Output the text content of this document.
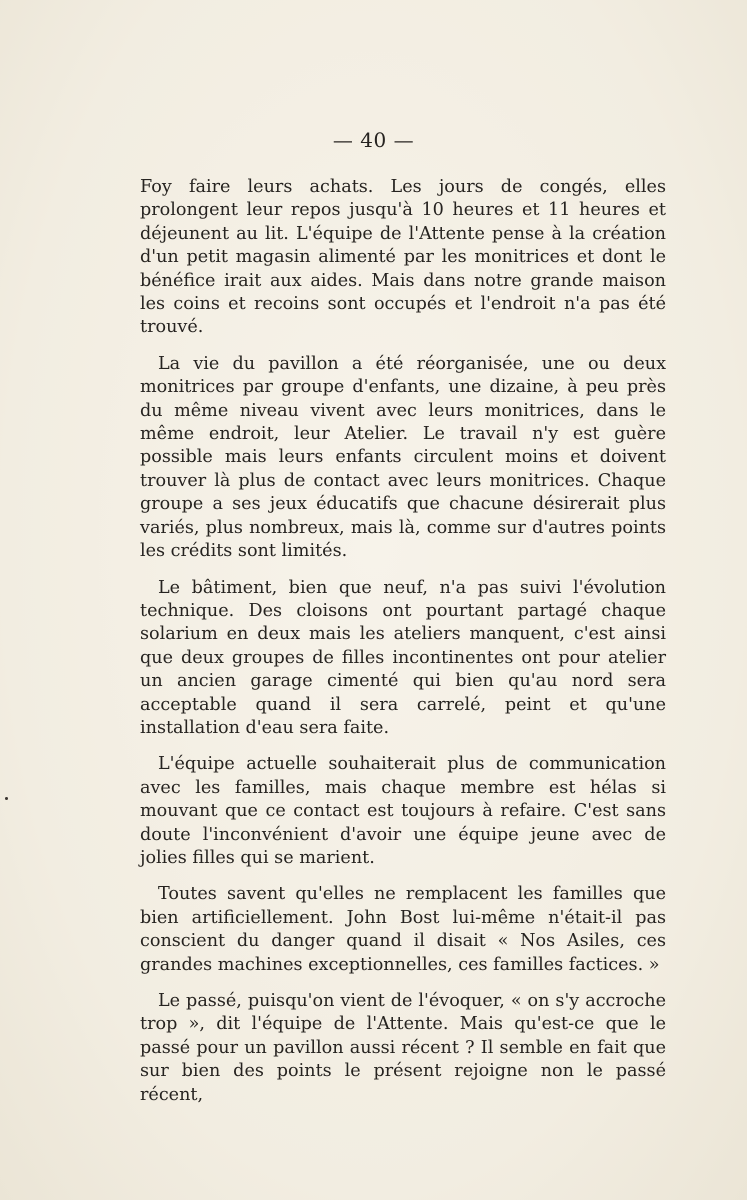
— 40 —

Foy faire leurs achats. Les jours de congés, elles prolongent leur repos jusqu'à 10 heures et 11 heures et déjeunent au lit. L'équipe de l'Attente pense à la création d'un petit magasin alimenté par les monitrices et dont le bénéfice irait aux aides. Mais dans notre grande maison les coins et recoins sont occupés et l'endroit n'a pas été trouvé.

La vie du pavillon a été réorganisée, une ou deux monitrices par groupe d'enfants, une dizaine, à peu près du même niveau vivent avec leurs monitrices, dans le même endroit, leur Atelier. Le travail n'y est guère possible mais leurs enfants circulent moins et doivent trouver là plus de contact avec leurs monitrices. Chaque groupe a ses jeux éducatifs que chacune désirerait plus variés, plus nombreux, mais là, comme sur d'autres points les crédits sont limités.

Le bâtiment, bien que neuf, n'a pas suivi l'évolution technique. Des cloisons ont pourtant partagé chaque solarium en deux mais les ateliers manquent, c'est ainsi que deux groupes de filles incontinentes ont pour atelier un ancien garage cimenté qui bien qu'au nord sera acceptable quand il sera carrelé, peint et qu'une installation d'eau sera faite.

L'équipe actuelle souhaiterait plus de communication avec les familles, mais chaque membre est hélas si mouvant que ce contact est toujours à refaire. C'est sans doute l'inconvénient d'avoir une équipe jeune avec de jolies filles qui se marient.

Toutes savent qu'elles ne remplacent les familles que bien artificiellement. John Bost lui-même n'était-il pas conscient du danger quand il disait « Nos Asiles, ces grandes machines exceptionnelles, ces familles factices. »

Le passé, puisqu'on vient de l'évoquer, « on s'y accroche trop », dit l'équipe de l'Attente. Mais qu'est-ce que le passé pour un pavillon aussi récent ? Il semble en fait que sur bien des points le présent rejoigne non le passé récent,
